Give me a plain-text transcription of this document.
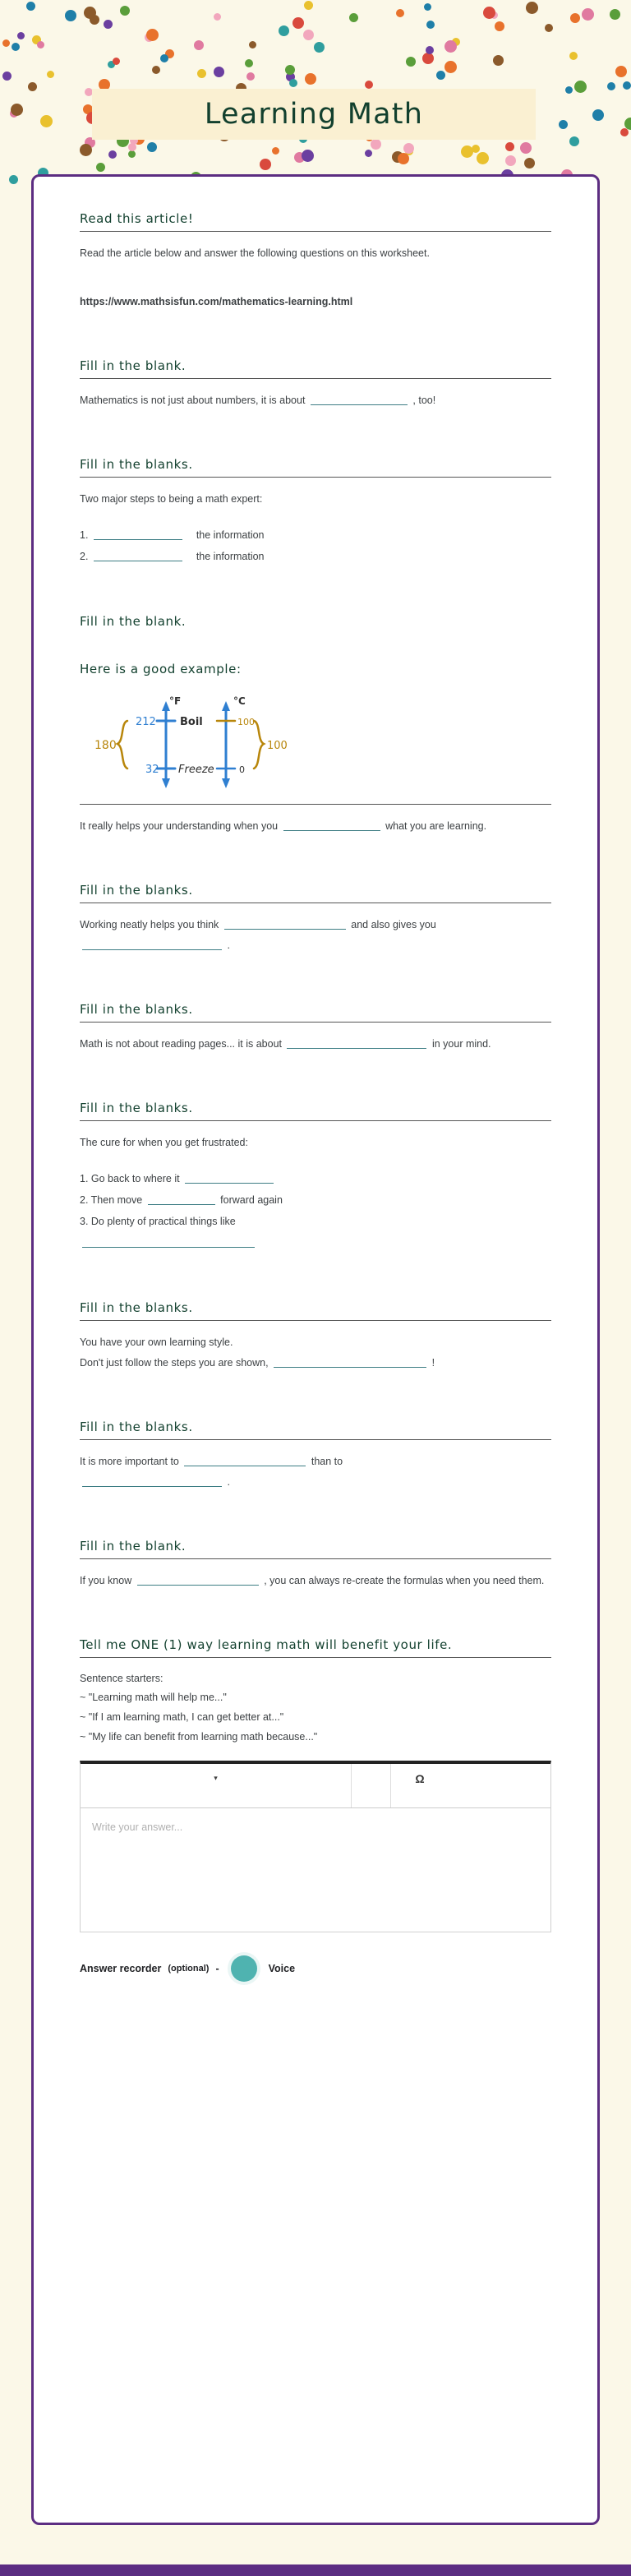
Learning Math
Read this article!
Read the article below and answer the following questions on this worksheet.
https://www.mathsisfun.com/mathematics-learning.html
Fill in the blank.
Mathematics is not just about numbers, it is about	, too!
Fill in the blanks.
Two major steps to being a math expert:
1.	the information
2.	the information
Fill in the blank.
Here is a good example:
°F	°C
212
32
100
0
Boil
Freeze
180	100
It really helps your understanding when you	what you are learning.
Fill in the blanks.
Working neatly helps you think	and also gives you
.
Fill in the blanks.
Math is not about reading pages... it is about	in your mind.
Fill in the blanks.
The cure for when you get frustrated:
1. Go back to where it
2. Then move	forward again
3. Do plenty of practical things like
Fill in the blanks.
You have your own learning style.
Don't just follow the steps you are shown,	!
Fill in the blanks.
It is more important to	than to
.
Fill in the blank.
If you know	, you can always re-create the formulas when you need them.
Tell me ONE (1) way learning math will benefit your life.
Sentence starters:
~ "Learning math will help me..."
~ "If I am learning math, I can get better at..."
~ "My life can benefit from learning math because..."
▾	Ω
Write your answer...
Answer recorder (optional) -	Voice
